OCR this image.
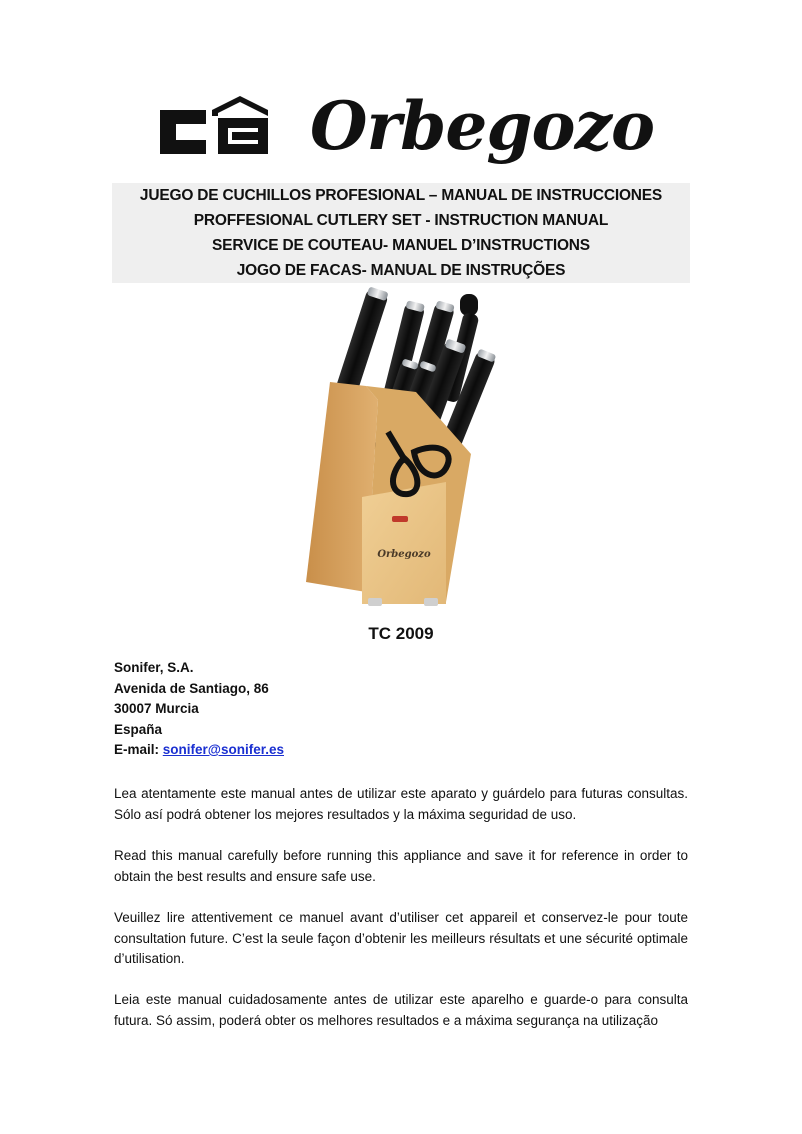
Orbegozo
JUEGO DE CUCHILLOS PROFESIONAL – MANUAL DE INSTRUCCIONES
PROFFESIONAL CUTLERY SET - INSTRUCTION MANUAL
SERVICE DE COUTEAU- MANUEL D’INSTRUCTIONS
JOGO DE FACAS- MANUAL DE INSTRUÇÕES
Orbegozo
TC 2009
Sonifer, S.A.
Avenida de Santiago, 86
30007 Murcia
España
E-mail: sonifer@sonifer.es
Lea atentamente este manual antes de utilizar este aparato y guárdelo para futuras consultas. Sólo así podrá obtener los mejores resultados y la máxima seguridad de uso.
Read this manual carefully before running this appliance and save it for reference in order to obtain the best results and ensure safe use.
Veuillez lire attentivement ce manuel avant d’utiliser cet appareil et conservez-le pour toute consultation future. C’est la seule façon d’obtenir les meilleurs résultats et une sécurité optimale d’utilisation.
Leia este manual cuidadosamente antes de utilizar este aparelho e guarde-o para consulta futura. Só assim, poderá obter os melhores resultados e a máxima segurança na utilização
